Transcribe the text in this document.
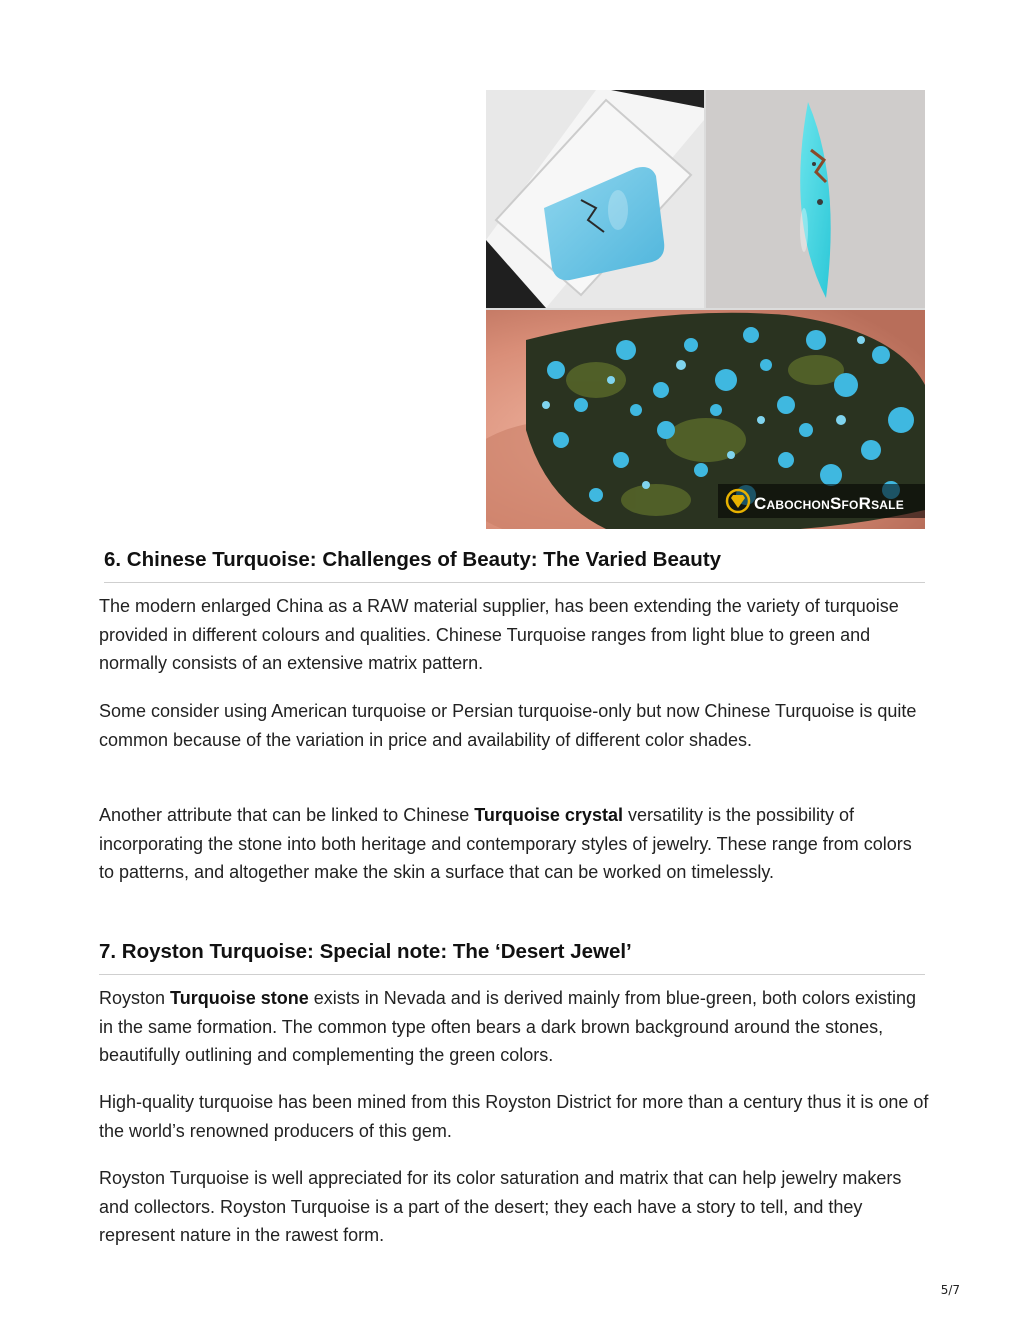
CABOCHONSFORSALE
6. Chinese Turquoise: Challenges of Beauty: The Varied Beauty

The modern enlarged China as a RAW material supplier, has been extending the variety of turquoise provided in different colours and qualities. Chinese Turquoise ranges from light blue to green and normally consists of an extensive matrix pattern.

Some consider using American turquoise or Persian turquoise-only but now Chinese Turquoise is quite common because of the variation in price and availability of different color shades.

Another attribute that can be linked to Chinese Turquoise crystal versatility is the possibility of incorporating the stone into both heritage and contemporary styles of jewelry. These range from colors to patterns, and altogether make the skin a surface that can be worked on timelessly.

7. Royston Turquoise: Special note: The ‘Desert Jewel’

Royston Turquoise stone exists in Nevada and is derived mainly from blue-green, both colors existing in the same formation. The common type often bears a dark brown background around the stones, beautifully outlining and complementing the green colors.

High-quality turquoise has been mined from this Royston District for more than a century thus it is one of the world’s renowned producers of this gem.

Royston Turquoise is well appreciated for its color saturation and matrix that can help jewelry makers and collectors. Royston Turquoise is a part of the desert; they each have a story to tell, and they represent nature in the rawest form.

5/7
